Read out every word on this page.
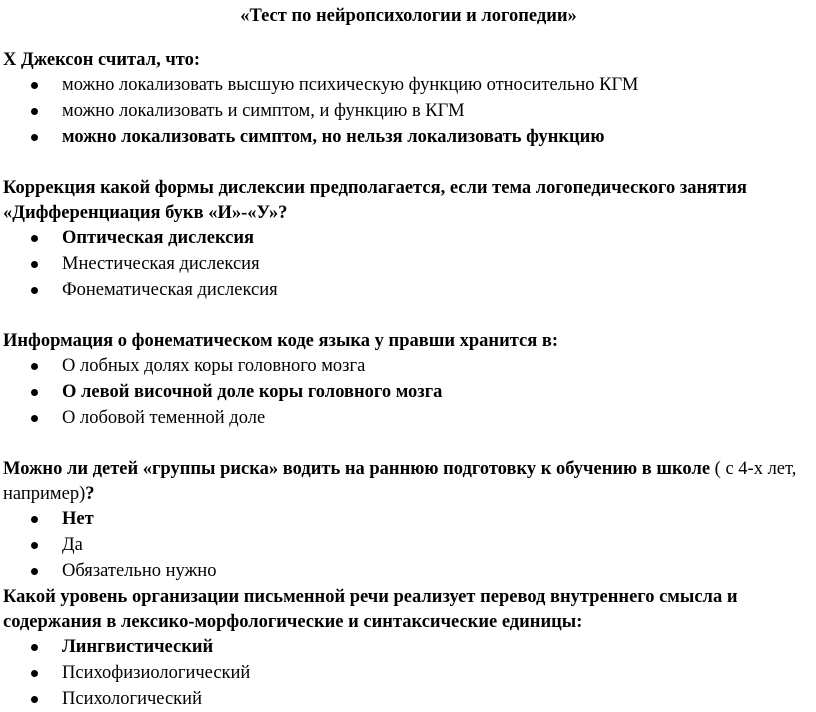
«Тест по нейропсихологии и логопедии»
Х Джексон считал, что:
можно локализовать высшую психическую функцию относительно КГМ
можно локализовать и симптом, и функцию в КГМ
можно локализовать симптом, но нельзя локализовать функцию
Коррекция какой формы дислексии предполагается, если тема логопедического занятия «Дифференциация букв «И»-«У»?
Оптическая дислексия
Мнестическая дислексия
Фонематическая дислексия
Информация о фонематическом коде языка у правши хранится в:
О лобных долях коры головного мозга
О левой височной доле коры головного мозга
О лобовой теменной доле
Можно ли детей «группы риска» водить на раннюю подготовку к обучению в школе ( с 4-х лет, например)?
Нет
Да
Обязательно нужно
Какой уровень организации письменной речи реализует перевод внутреннего смысла и содержания в лексико-морфологические и синтаксические единицы:
Лингвистический
Психофизиологический
Психологический
